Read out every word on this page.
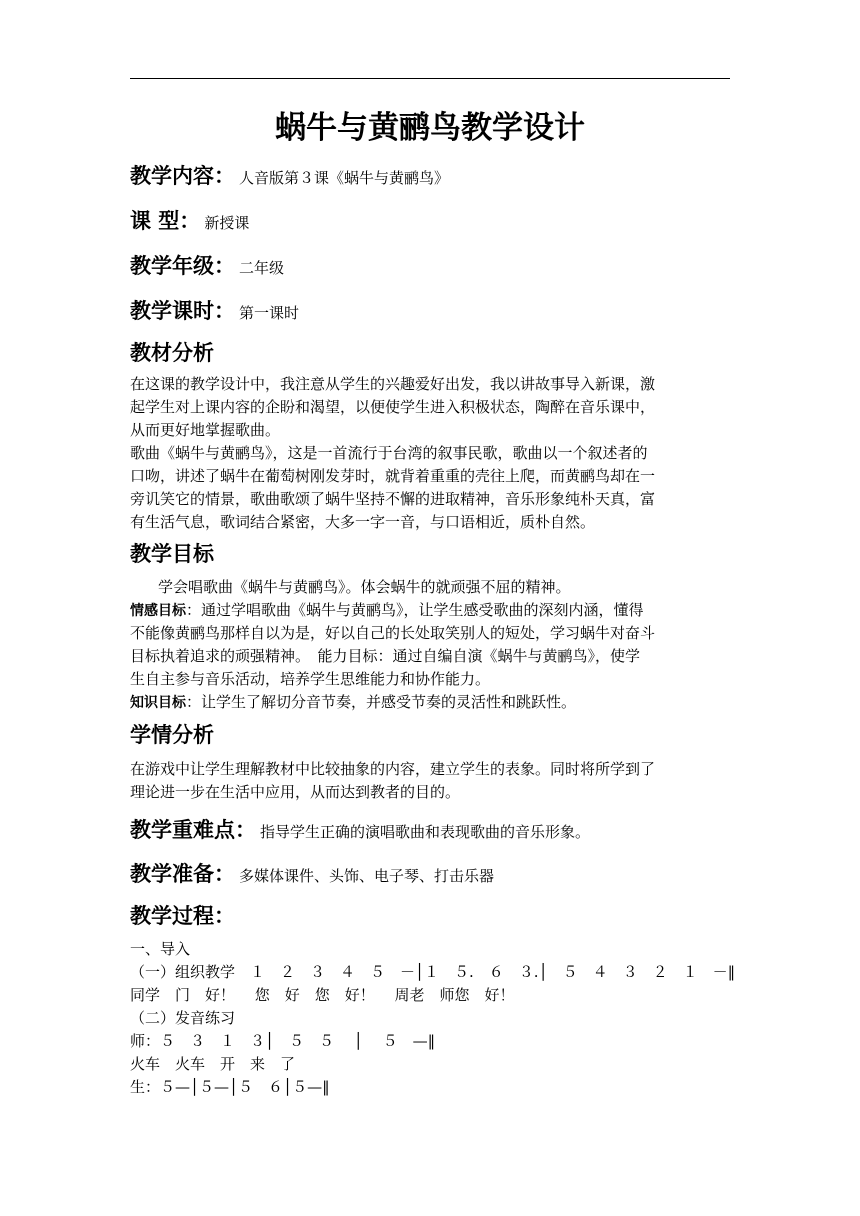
蜗牛与黄鹂鸟教学设计
教学内容： 人音版第３课《蜗牛与黄鹂鸟》
课 型： 新授课
教学年级： 二年级
教学课时： 第一课时
教材分析
在这课的教学设计中，我注意从学生的兴趣爱好出发，我以讲故事导入新课，激
起学生对上课内容的企盼和渴望，以便使学生进入积极状态，陶醉在音乐课中，
从而更好地掌握歌曲。
歌曲《蜗牛与黄鹂鸟》，这是一首流行于台湾的叙事民歌，歌曲以一个叙述者的
口吻，讲述了蜗牛在葡萄树刚发芽时，就背着重重的壳往上爬，而黄鹂鸟却在一
旁讥笑它的情景，歌曲歌颂了蜗牛坚持不懈的进取精神，音乐形象纯朴天真，富
有生活气息，歌词结合紧密，大多一字一音，与口语相近，质朴自然。
教学目标
学会唱歌曲《蜗牛与黄鹂鸟》。体会蜗牛的就顽强不屈的精神。
情感目标：通过学唱歌曲《蜗牛与黄鹂鸟》，让学生感受歌曲的深刻内涵，懂得
不能像黄鹂鸟那样自以为是，好以自己的长处取笑别人的短处，学习蜗牛对奋斗
目标执着追求的顽强精神。　能力目标：通过自编自演《蜗牛与黄鹂鸟》，使学
生自主参与音乐活动，培养学生思维能力和协作能力。
知识目标：让学生了解切分音节奏，并感受节奏的灵活性和跳跃性。
学情分析
在游戏中让学生理解教材中比较抽象的内容，建立学生的表象。同时将所学到了
理论进一步在生活中应用，从而达到教者的目的。
教学重难点： 指导学生正确的演唱歌曲和表现歌曲的音乐形象。
教学准备： 多媒体课件、头饰、电子琴、打击乐器
教学过程：
一、导入
（一）组织教学　１　２　３　４　５　－│１　５.　６　３.│　５　４　３　２　１　－‖
同学　门　好！　 您　好　您　好！　 周老　师您　好！
（二）发音练习
师：５　３　１　３│　５　５　 │　 ５　—‖
火车　火车　开　来　了
生：５—│５—│５　６│５—‖
